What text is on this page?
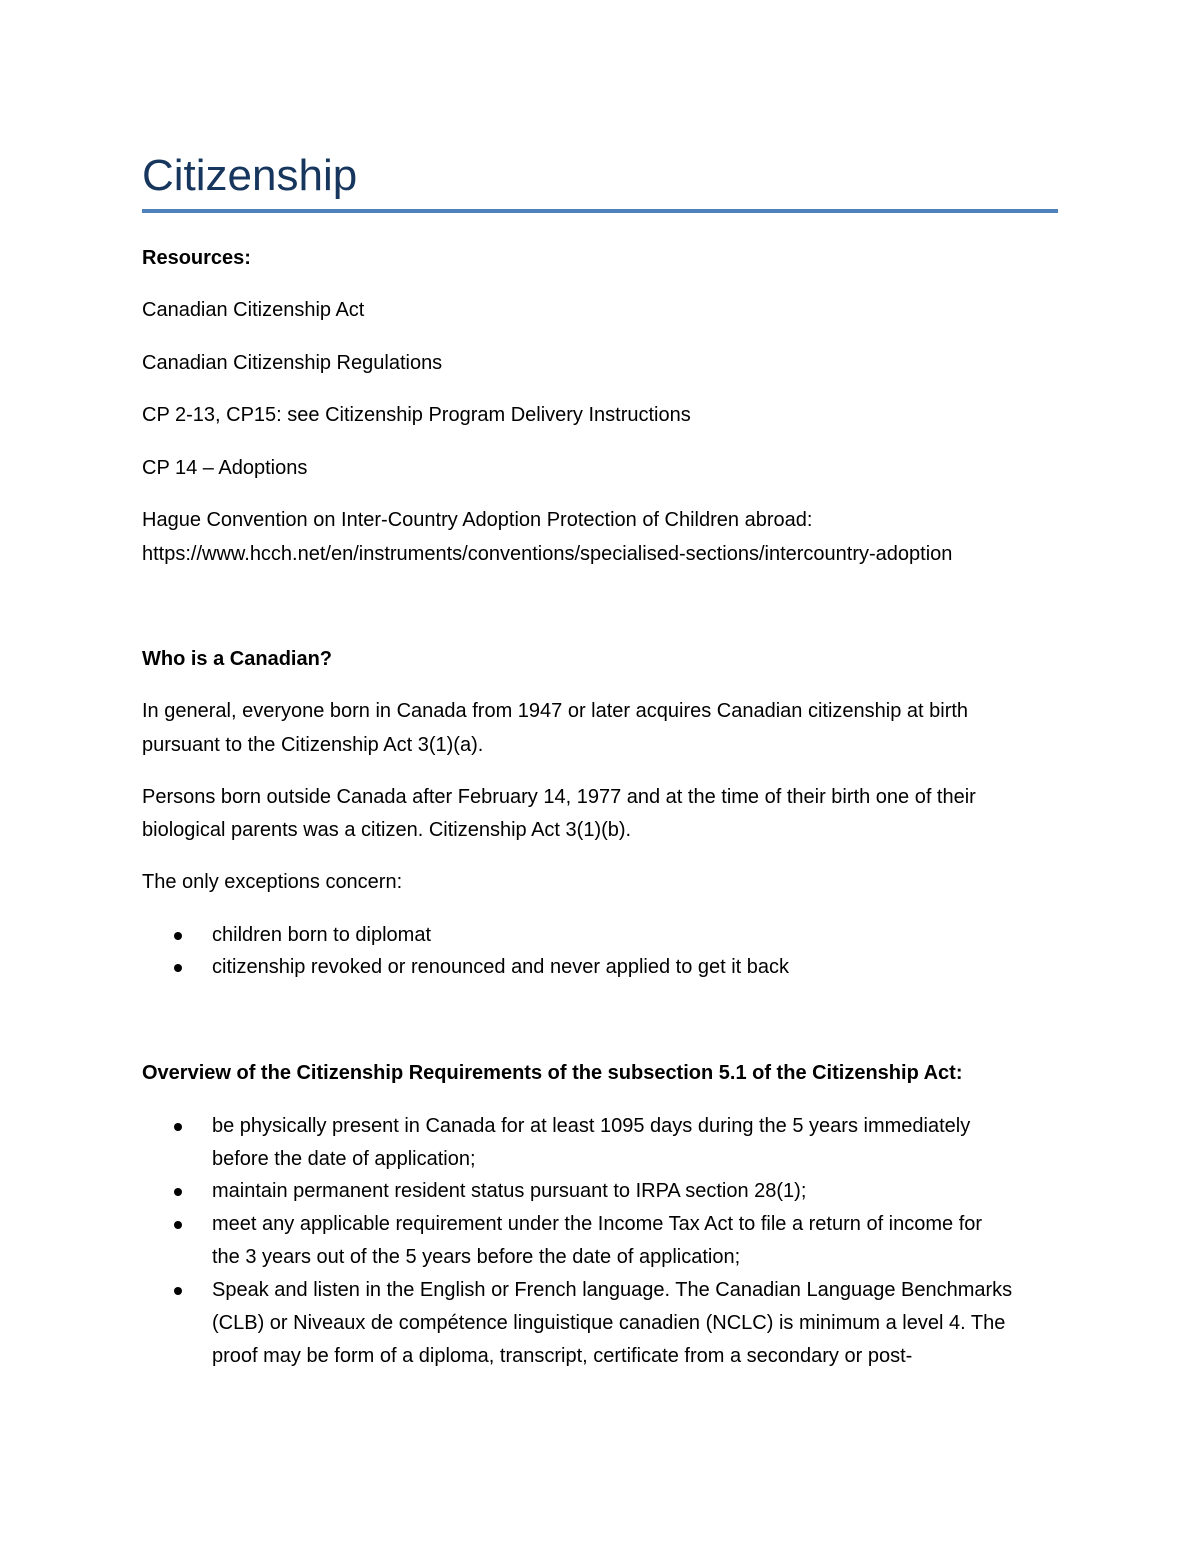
Citizenship

Resources:

Canadian Citizenship Act

Canadian Citizenship Regulations

CP 2-13, CP15: see Citizenship Program Delivery Instructions

CP 14 – Adoptions

Hague Convention on Inter-Country Adoption Protection of Children abroad:

https://www.hcch.net/en/instruments/conventions/specialised-sections/intercountry-adoption

Who is a Canadian?

In general, everyone born in Canada from 1947 or later acquires Canadian citizenship at birth

pursuant to the Citizenship Act 3(1)(a).

Persons born outside Canada after February 14, 1977 and at the time of their birth one of their

biological parents was a citizen. Citizenship Act 3(1)(b).

The only exceptions concern:

children born to diplomat
citizenship revoked or renounced and never applied to get it back

Overview of the Citizenship Requirements of the subsection 5.1 of the Citizenship Act:

be physically present in Canada for at least 1095 days during the 5 years immediately
before the date of application;
maintain permanent resident status pursuant to IRPA section 28(1);
meet any applicable requirement under the Income Tax Act to file a return of income for
the 3 years out of the 5 years before the date of application;
Speak and listen in the English or French language. The Canadian Language Benchmarks
(CLB) or Niveaux de compétence linguistique canadien (NCLC) is minimum a level 4. The
proof may be form of a diploma, transcript, certificate from a secondary or post-
